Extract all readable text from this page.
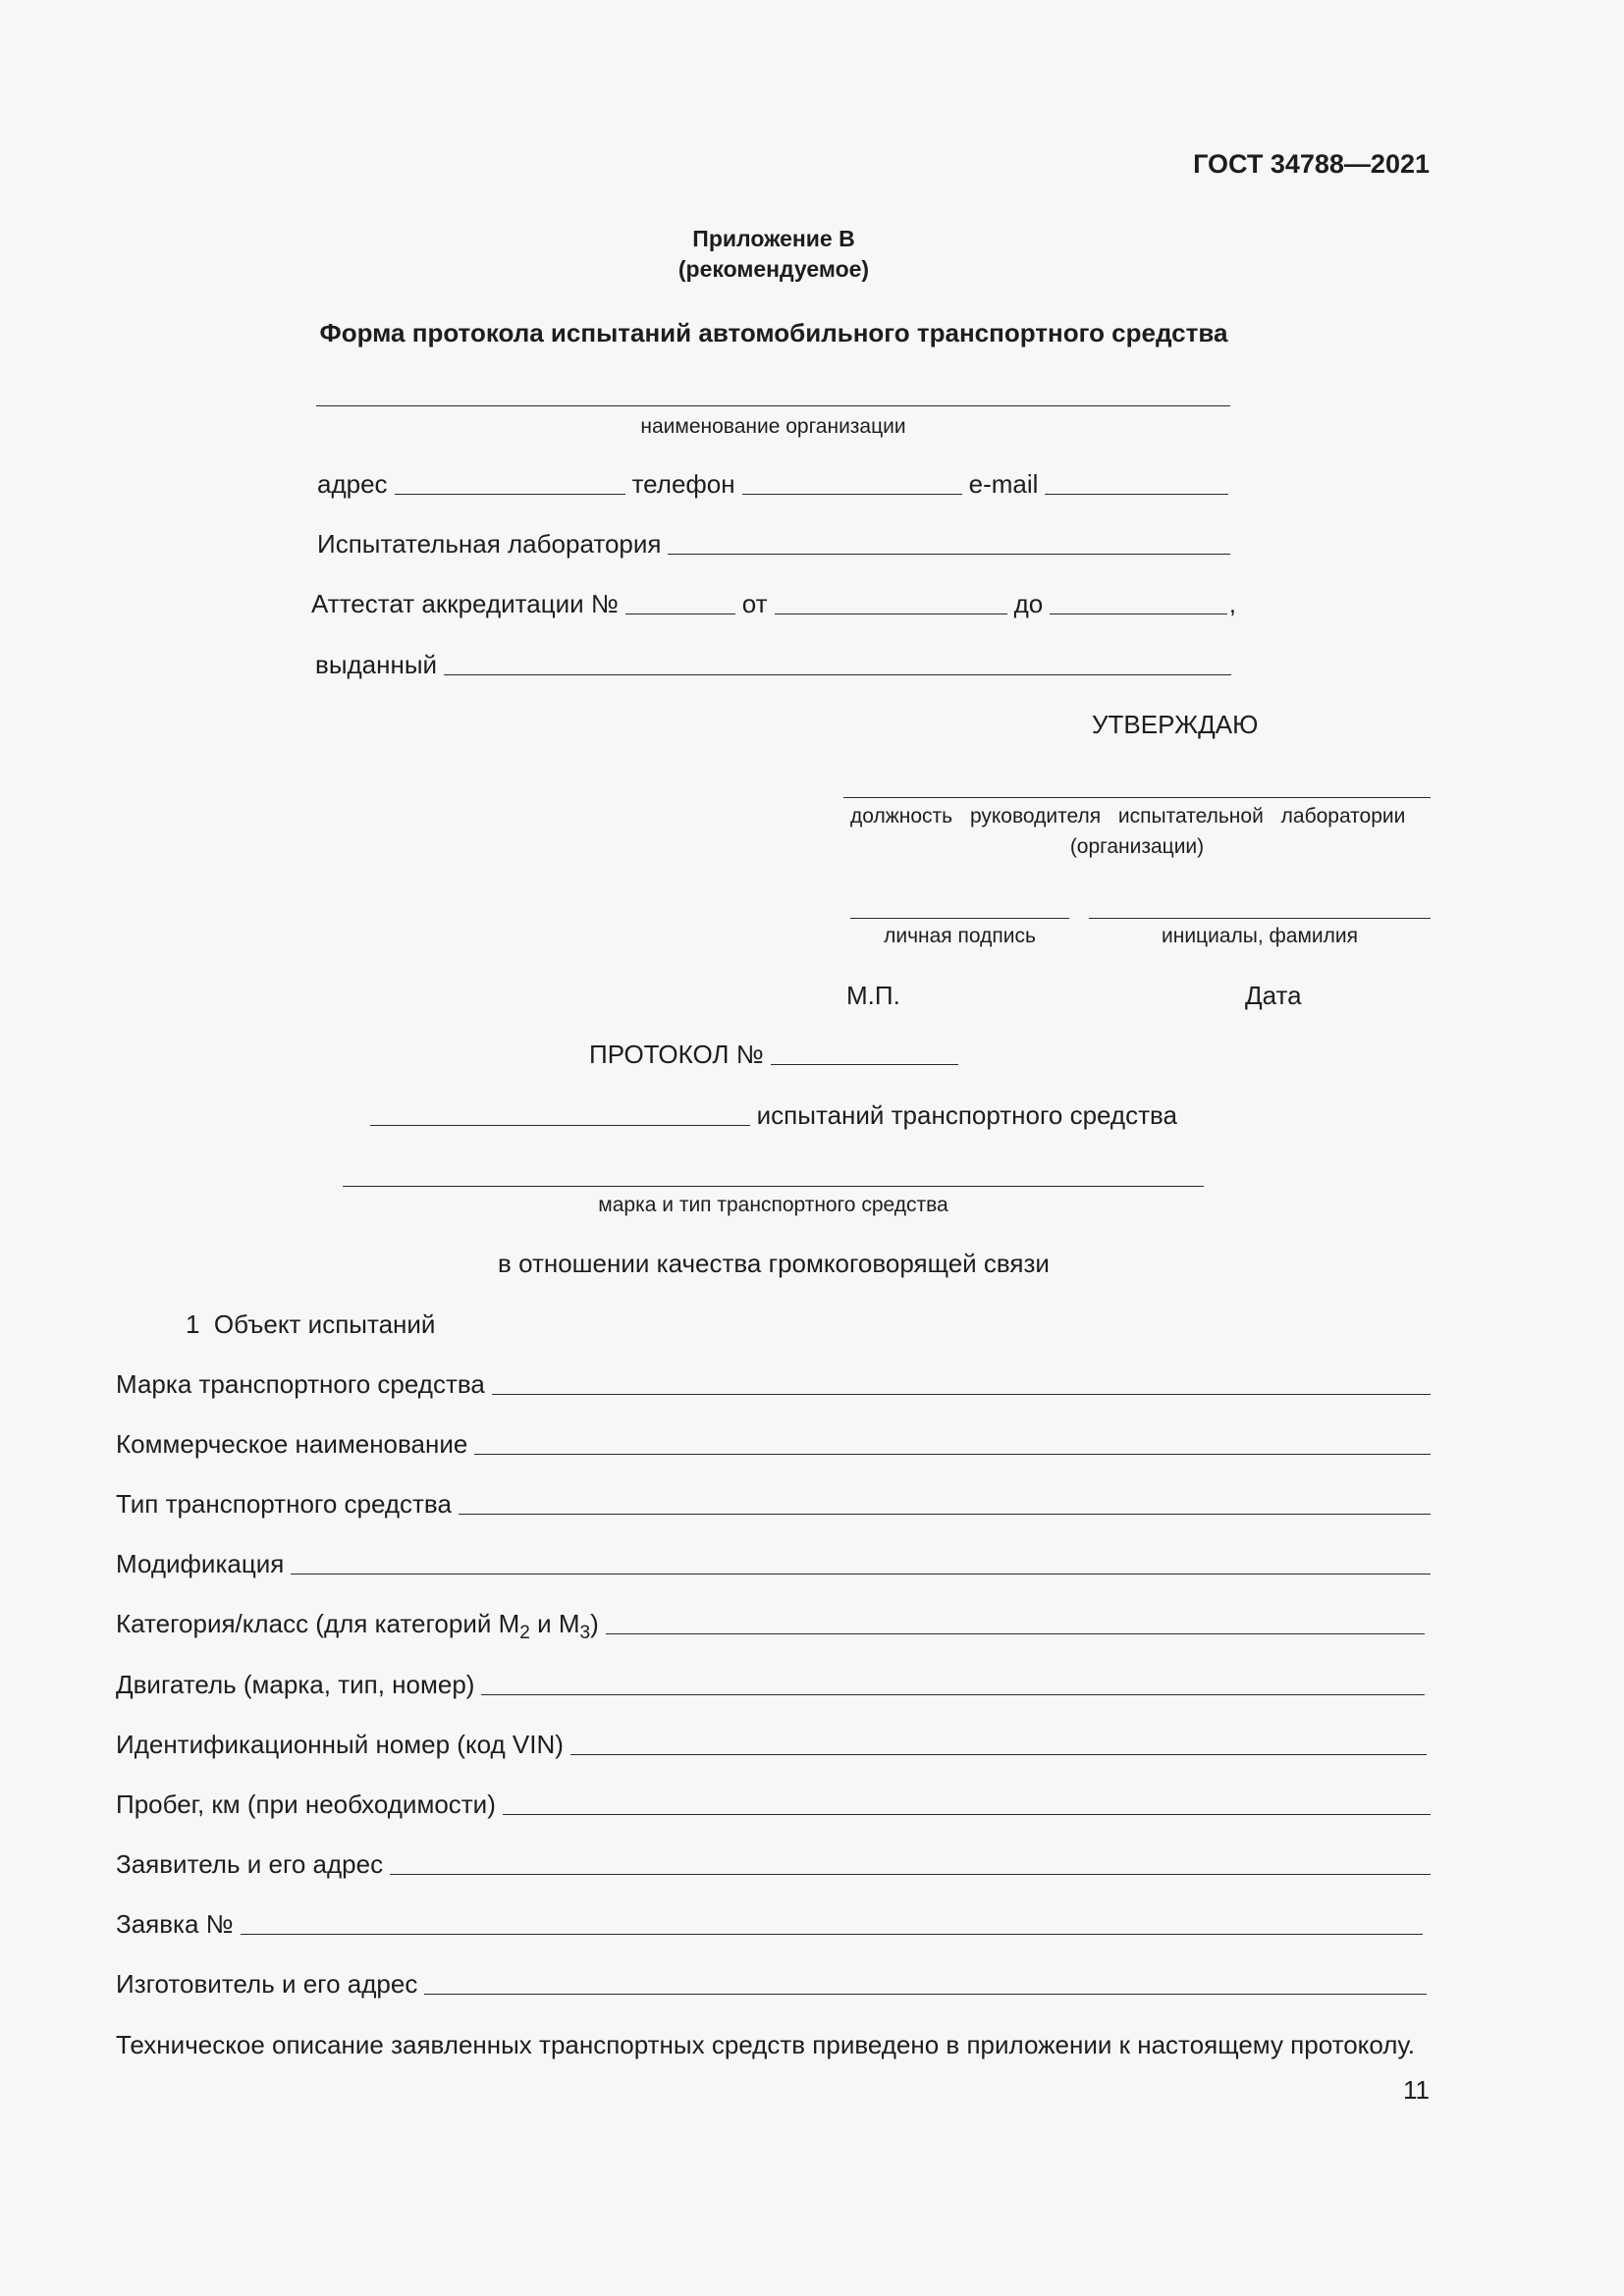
ГОСТ 34788—2021
Приложение В
(рекомендуемое)
Форма протокола испытаний автомобильного транспортного средства
наименование организации
адрес	телефон	e-mail
Испытательная лаборатория
Аттестат аккредитации №	от	до	,
выданный
УТВЕРЖДАЮ
должность руководителя испытательной лаборатории
(организации)
личная подпись	инициалы, фамилия
М.П.	Дата
ПРОТОКОЛ №
испытаний транспортного средства
марка и тип транспортного средства
в отношении качества громкоговорящей связи
1  Объект испытаний
Марка транспортного средства
Коммерческое наименование
Тип транспортного средства
Модификация
Категория/класс (для категорий $М_2$ и $М_3$)
Двигатель (марка, тип, номер)
Идентификационный номер (код VIN)
Пробег, км (при необходимости)
Заявитель и его адрес
Заявка №
Изготовитель и его адрес
Техническое описание заявленных транспортных средств приведено в приложении к настоящему протоколу.
11
